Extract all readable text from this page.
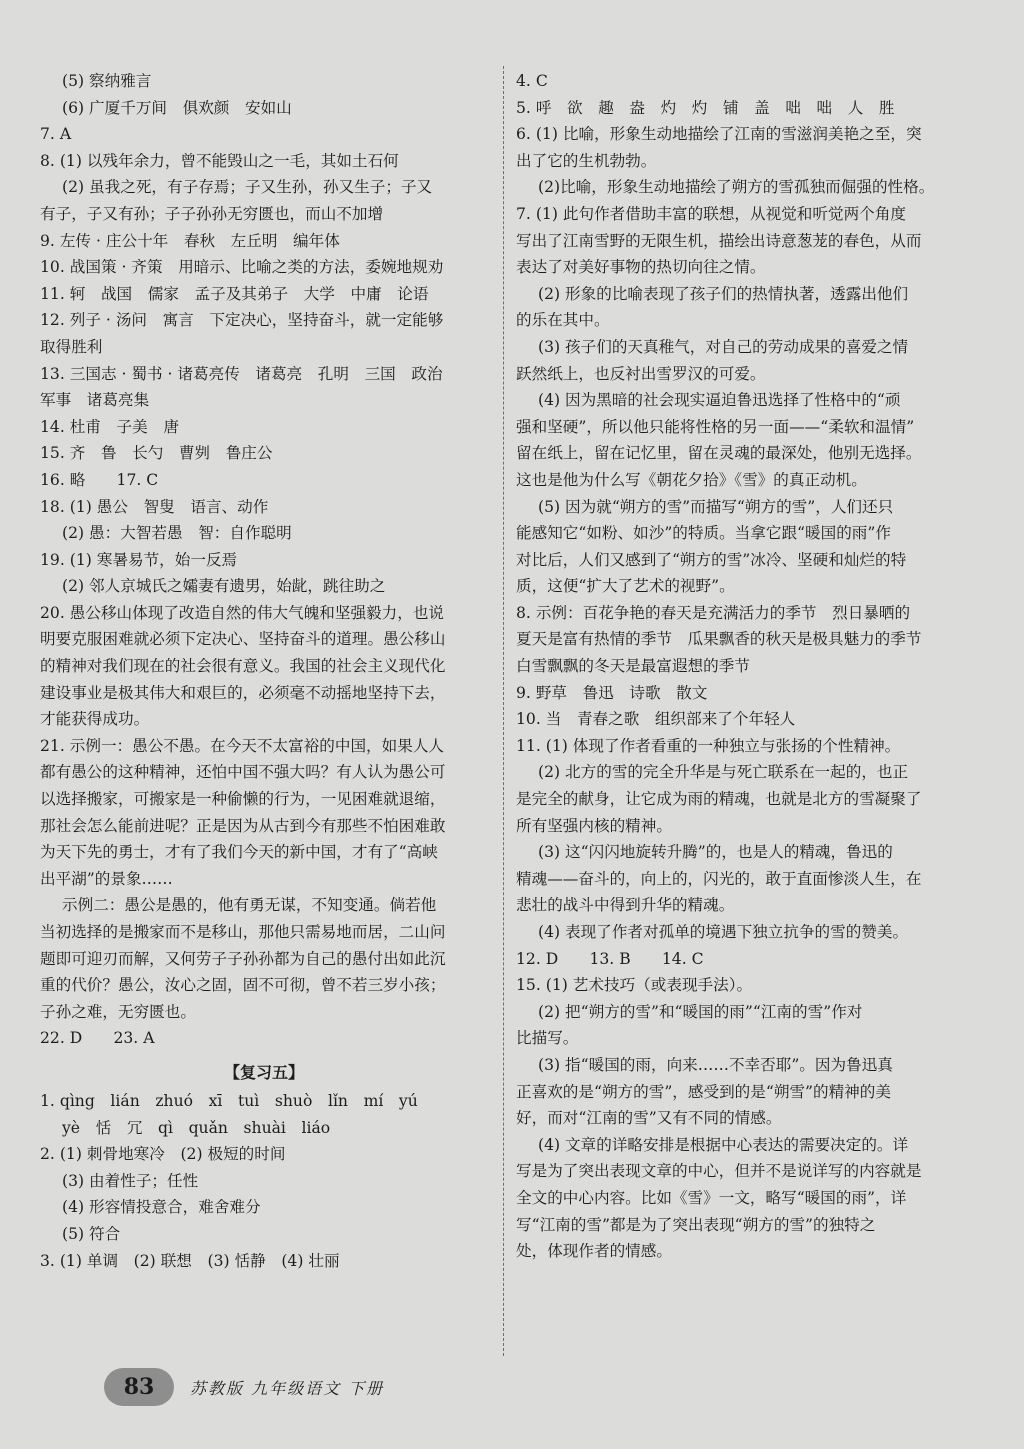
(5) 察纳雅言
(6) 广厦千万间　俱欢颜　安如山
7. A
8. (1) 以残年余力，曾不能毁山之一毛，其如土石何
(2) 虽我之死，有子存焉；子又生孙，孙又生子；子又
有子，子又有孙；子子孙孙无穷匮也，而山不加增
9. 左传 · 庄公十年　春秋　左丘明　编年体
10. 战国策 · 齐策　用暗示、比喻之类的方法，委婉地规劝
11. 轲　战国　儒家　孟子及其弟子　大学　中庸　论语
12. 列子 · 汤问　寓言　下定决心，坚持奋斗，就一定能够
取得胜利
13. 三国志 · 蜀书 · 诸葛亮传　诸葛亮　孔明　三国　政治
军事　诸葛亮集
14. 杜甫　子美　唐
15. 齐　鲁　长勺　曹刿　鲁庄公
16. 略　　17. C
18. (1) 愚公　智叟　语言、动作
(2) 愚：大智若愚　智：自作聪明
19. (1) 寒暑易节，始一反焉
(2) 邻人京城氏之孀妻有遗男，始龀，跳往助之
20. 愚公移山体现了改造自然的伟大气魄和坚强毅力，也说
明要克服困难就必须下定决心、坚持奋斗的道理。愚公移山
的精神对我们现在的社会很有意义。我国的社会主义现代化
建设事业是极其伟大和艰巨的，必须毫不动摇地坚持下去，
才能获得成功。
21. 示例一：愚公不愚。在今天不太富裕的中国，如果人人
都有愚公的这种精神，还怕中国不强大吗？有人认为愚公可
以选择搬家，可搬家是一种偷懒的行为，一见困难就退缩，
那社会怎么能前进呢？正是因为从古到今有那些不怕困难敢
为天下先的勇士，才有了我们今天的新中国，才有了“高峡
出平湖”的景象……
示例二：愚公是愚的，他有勇无谋，不知变通。倘若他
当初选择的是搬家而不是移山，那他只需易地而居，二山问
题即可迎刃而解，又何劳子子孙孙都为自己的愚付出如此沉
重的代价？愚公，汝心之固，固不可彻，曾不若三岁小孩；
子孙之难，无穷匮也。
22. D　　23. A
【复习五】
1. qìng　lián　zhuó　xī　tuì　shuò　lǐn　mí　yú
yè　恬　冗　qì　quǎn　shuài　liáo
2. (1) 刺骨地寒冷　(2) 极短的时间
(3) 由着性子；任性
(4) 形容情投意合，难舍难分
(5) 符合
3. (1) 单调　(2) 联想　(3) 恬静　(4) 壮丽
4. C
5. 呼　欲　趣　盎　灼　灼　铺　盖　咄　咄　人　胜
6. (1) 比喻，形象生动地描绘了江南的雪滋润美艳之至，突
出了它的生机勃勃。
(2)比喻，形象生动地描绘了朔方的雪孤独而倔强的性格。
7. (1) 此句作者借助丰富的联想，从视觉和听觉两个角度
写出了江南雪野的无限生机，描绘出诗意葱茏的春色，从而
表达了对美好事物的热切向往之情。
(2) 形象的比喻表现了孩子们的热情执著，透露出他们
的乐在其中。
(3) 孩子们的天真稚气，对自己的劳动成果的喜爱之情
跃然纸上，也反衬出雪罗汉的可爱。
(4) 因为黑暗的社会现实逼迫鲁迅选择了性格中的“顽
强和坚硬”，所以他只能将性格的另一面——“柔软和温情”
留在纸上，留在记忆里，留在灵魂的最深处，他别无选择。
这也是他为什么写《朝花夕拾》《雪》的真正动机。
(5) 因为就“朔方的雪”而描写“朔方的雪”，人们还只
能感知它“如粉、如沙”的特质。当拿它跟“暖国的雨”作
对比后，人们又感到了“朔方的雪”冰冷、坚硬和灿烂的特
质，这便“扩大了艺术的视野”。
8. 示例：百花争艳的春天是充满活力的季节　烈日暴晒的
夏天是富有热情的季节　瓜果飘香的秋天是极具魅力的季节
白雪飘飘的冬天是最富遐想的季节
9. 野草　鲁迅　诗歌　散文
10. 当　青春之歌　组织部来了个年轻人
11. (1) 体现了作者看重的一种独立与张扬的个性精神。
(2) 北方的雪的完全升华是与死亡联系在一起的，也正
是完全的献身，让它成为雨的精魂，也就是北方的雪凝聚了
所有坚强内核的精神。
(3) 这“闪闪地旋转升腾”的，也是人的精魂，鲁迅的
精魂——奋斗的，向上的，闪光的，敢于直面惨淡人生，在
悲壮的战斗中得到升华的精魂。
(4) 表现了作者对孤单的境遇下独立抗争的雪的赞美。
12. D　　13. B　　14. C
15. (1) 艺术技巧（或表现手法）。
(2) 把“朔方的雪”和“暖国的雨”“江南的雪”作对
比描写。
(3) 指“暖国的雨，向来……不幸否耶”。因为鲁迅真
正喜欢的是“朔方的雪”，感受到的是“朔雪”的精神的美
好，而对“江南的雪”又有不同的情感。
(4) 文章的详略安排是根据中心表达的需要决定的。详
写是为了突出表现文章的中心，但并不是说详写的内容就是
全文的中心内容。比如《雪》一文，略写“暖国的雨”，详
写“江南的雪”都是为了突出表现“朔方的雪”的独特之
处，体现作者的情感。
83	苏教版 九年级语文 下册
